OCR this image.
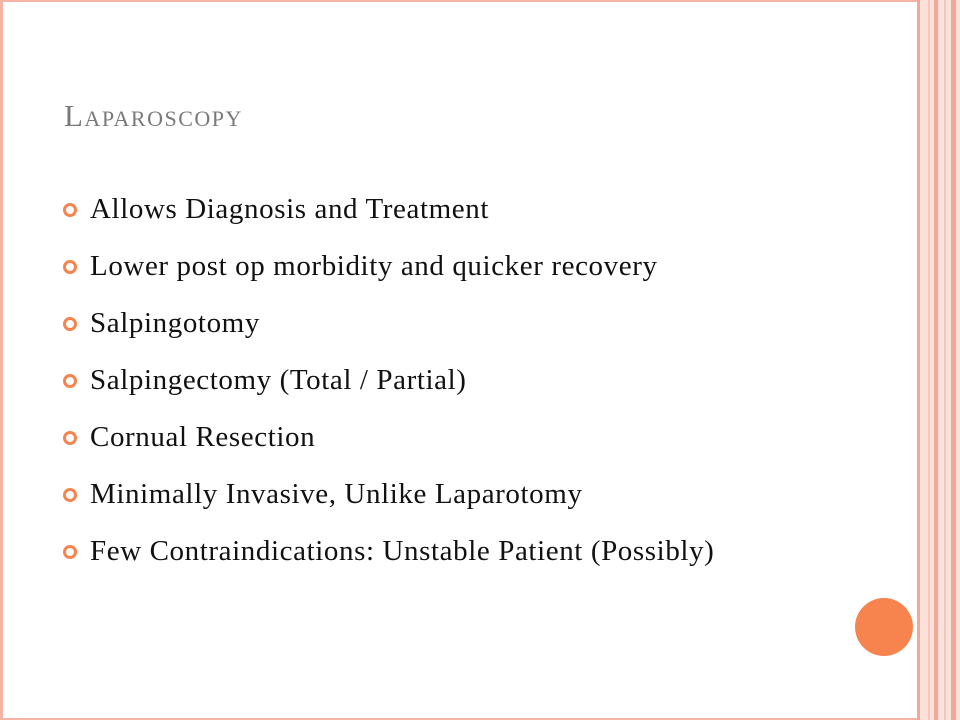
Laparoscopy
Allows Diagnosis and Treatment
Lower post op morbidity and quicker recovery
Salpingotomy
Salpingectomy (Total / Partial)
Cornual Resection
Minimally Invasive, Unlike Laparotomy
Few Contraindications: Unstable Patient (Possibly)
